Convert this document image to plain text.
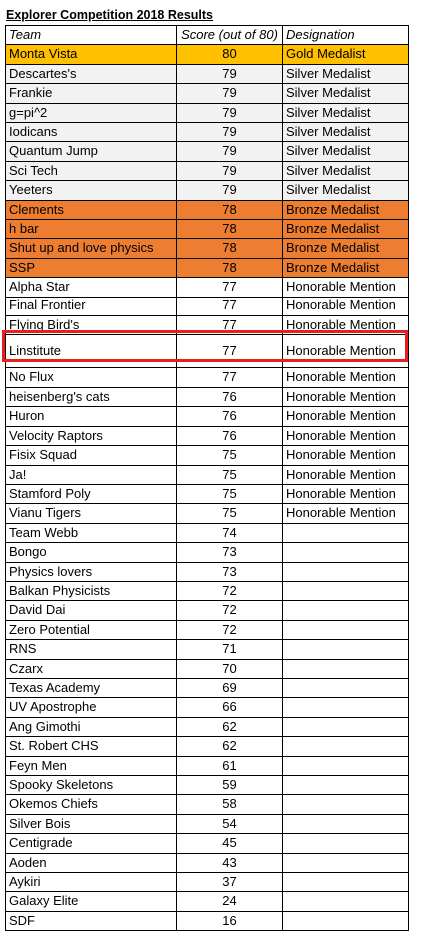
Explorer Competition 2018 Results
Team	Score (out of 80)	Designation
Monta Vista	80	Gold Medalist
Descartes's	79	Silver Medalist
Frankie	79	Silver Medalist
g=pi^2	79	Silver Medalist
Iodicans	79	Silver Medalist
Quantum Jump	79	Silver Medalist
Sci Tech	79	Silver Medalist
Yeeters	79	Silver Medalist
Clements	78	Bronze Medalist
h bar	78	Bronze Medalist
Shut up and love physics	78	Bronze Medalist
SSP	78	Bronze Medalist
Alpha Star	77	Honorable Mention
Final Frontier	77	Honorable Mention
Flying Bird's	77	Honorable Mention
Linstitute	77	Honorable Mention
No Flux	77	Honorable Mention
heisenberg's cats	76	Honorable Mention
Huron	76	Honorable Mention
Velocity Raptors	76	Honorable Mention
Fisix Squad	75	Honorable Mention
Ja!	75	Honorable Mention
Stamford Poly	75	Honorable Mention
Vianu Tigers	75	Honorable Mention
Team Webb	74	
Bongo	73	
Physics lovers	73	
Balkan Physicists	72	
David Dai	72	
Zero Potential	72	
RNS	71	
Czarx	70	
Texas Academy	69	
UV Apostrophe	66	
Ang Gimothi	62	
St. Robert CHS	62	
Feyn Men	61	
Spooky Skeletons	59	
Okemos Chiefs	58	
Silver Bois	54	
Centigrade	45	
Aoden	43	
Aykiri	37	
Galaxy Elite	24	
SDF	16	
